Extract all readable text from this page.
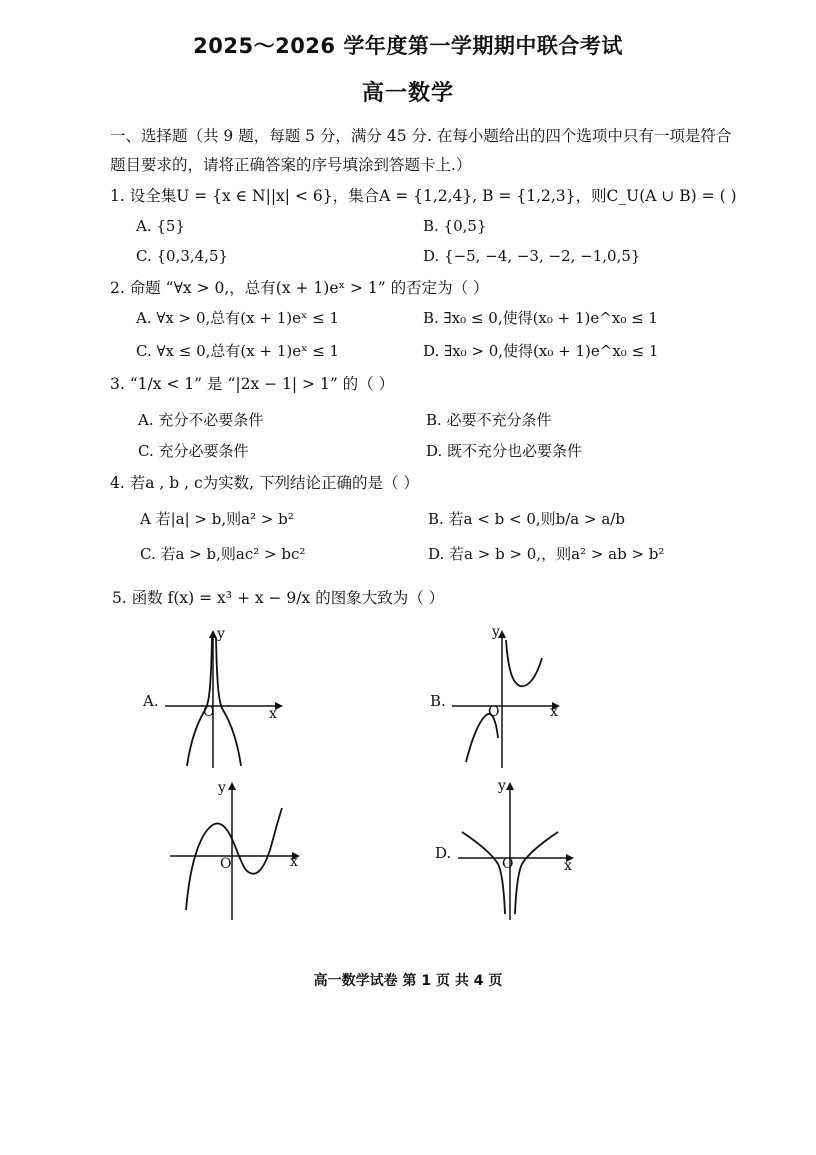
2025～2026 学年度第一学期期中联合考试
高一数学
一、选择题（共 9 题，每题 5 分，满分 45 分. 在每小题给出的四个选项中只有一项是符合
题目要求的，请将正确答案的序号填涂到答题卡上.）
1. 设全集U = {x ∈ N||x| < 6}，集合A = {1,2,4}, B = {1,2,3}，则C_U(A ∪ B) = ( )
A. {5}	B. {0,5}
C. {0,3,4,5}	D. {−5, −4, −3, −2, −1,0,5}
2. 命题 “∀x > 0,，总有(x + 1)eˣ > 1” 的否定为（ ）
A. ∀x > 0,总有(x + 1)eˣ ≤ 1	B. ∃x₀ ≤ 0,使得(x₀ + 1)e^x₀ ≤ 1
C. ∀x ≤ 0,总有(x + 1)eˣ ≤ 1	D. ∃x₀ > 0,使得(x₀ + 1)e^x₀ ≤ 1
3. “1/x < 1” 是 “|2x − 1| > 1” 的（ ）
A. 充分不必要条件	B. 必要不充分条件
C. 充分必要条件	D. 既不充分也必要条件
4. 若a , b , c为实数, 下列结论正确的是（ ）
A 若|a| > b,则a² > b²	B. 若a < b < 0,则b/a > a/b
C. 若a > b,则ac² > bc²	D. 若a > b > 0,，则a² > ab > b²
5. 函数 f(x) = x³ + x − 9/x 的图象大致为（ ）
A.	B.
D.
y
x
O
y
x
O
y
x
O
y
x
O
高一数学试卷 第 1 页 共 4 页
